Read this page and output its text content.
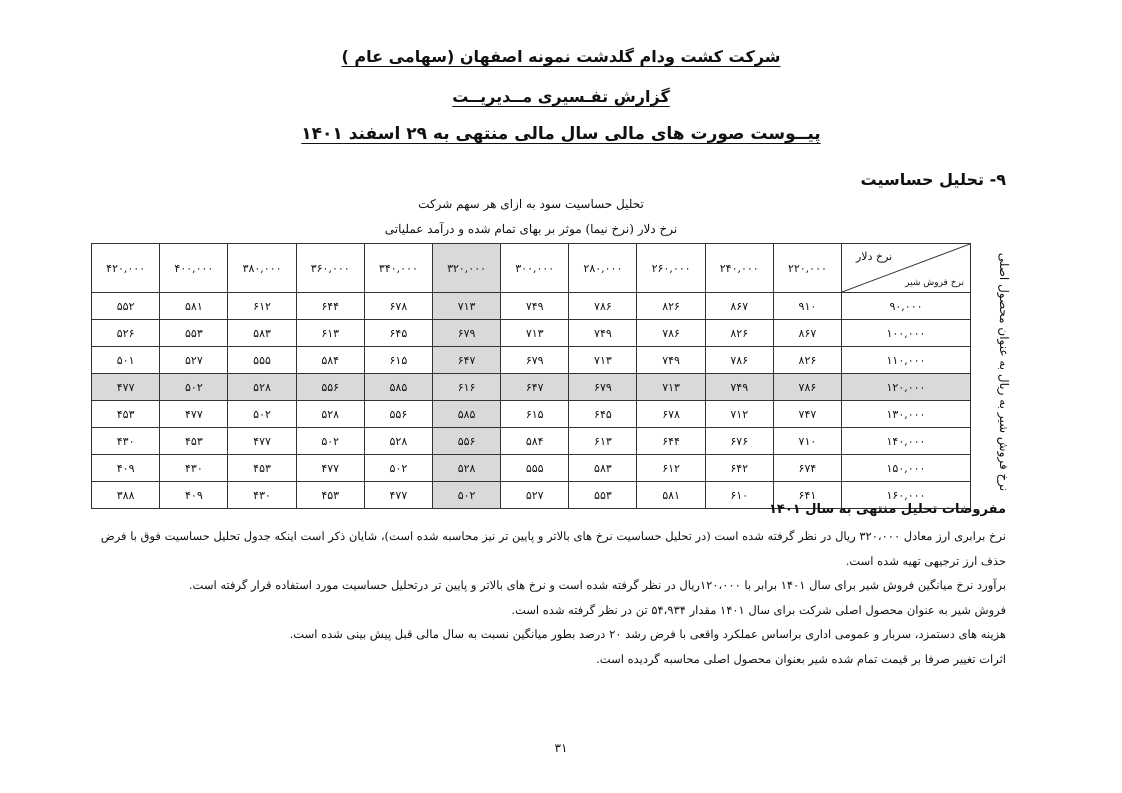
شرکت کشت ودام گلدشت نمونه اصفهان (سهامی عام )
گزارش تفـسیری مــدیریــت
پیــوست صورت های مالی سال مالی منتهی به ۲۹ اسفند ۱۴۰۱
۹- تحلیل حساسیت
تحلیل حساسیت سود به ازای هر سهم شرکت
نرخ دلار (نرخ نیما) موثر بر بهای تمام شده و درآمد عملیاتی
نرخ دلار
نرخ فروش شیر	۲۲۰,۰۰۰	۲۴۰,۰۰۰	۲۶۰,۰۰۰	۲۸۰,۰۰۰	۳۰۰,۰۰۰	۳۲۰,۰۰۰	۳۴۰,۰۰۰	۳۶۰,۰۰۰	۳۸۰,۰۰۰	۴۰۰,۰۰۰	۴۲۰,۰۰۰
۹۰,۰۰۰	۹۱۰	۸۶۷	۸۲۶	۷۸۶	۷۴۹	۷۱۳	۶۷۸	۶۴۴	۶۱۲	۵۸۱	۵۵۲
۱۰۰,۰۰۰	۸۶۷	۸۲۶	۷۸۶	۷۴۹	۷۱۳	۶۷۹	۶۴۵	۶۱۳	۵۸۳	۵۵۳	۵۲۶
۱۱۰,۰۰۰	۸۲۶	۷۸۶	۷۴۹	۷۱۳	۶۷۹	۶۴۷	۶۱۵	۵۸۴	۵۵۵	۵۲۷	۵۰۱
۱۲۰,۰۰۰	۷۸۶	۷۴۹	۷۱۳	۶۷۹	۶۴۷	۶۱۶	۵۸۵	۵۵۶	۵۲۸	۵۰۲	۴۷۷
۱۳۰,۰۰۰	۷۴۷	۷۱۲	۶۷۸	۶۴۵	۶۱۵	۵۸۵	۵۵۶	۵۲۸	۵۰۲	۴۷۷	۴۵۳
۱۴۰,۰۰۰	۷۱۰	۶۷۶	۶۴۴	۶۱۳	۵۸۴	۵۵۶	۵۲۸	۵۰۲	۴۷۷	۴۵۳	۴۳۰
۱۵۰,۰۰۰	۶۷۴	۶۴۲	۶۱۲	۵۸۳	۵۵۵	۵۲۸	۵۰۲	۴۷۷	۴۵۳	۴۳۰	۴۰۹
۱۶۰,۰۰۰	۶۴۱	۶۱۰	۵۸۱	۵۵۳	۵۲۷	۵۰۲	۴۷۷	۴۵۳	۴۳۰	۴۰۹	۳۸۸
نرخ فروش شیر به ریال به عنوان محصول اصلی
مفروضات تحلیل منتهی به سال ۱۴۰۱
نرخ برابری ارز معادل ۳۲۰،۰۰۰ ریال در نظر گرفته شده است (در تحلیل حساسیت نرخ های بالاتر و پایین تر نیز محاسبه شده است)، شایان ذکر است اینکه جدول تحلیل حساسیت فوق با فرض حذف ارز ترجیهی تهیه شده است.
برآورد نرخ میانگین فروش شیر برای سال ۱۴۰۱ برابر با ۱۲۰،۰۰۰ریال در نظر گرفته شده است و نرخ های بالاتر و پایین تر درتحلیل حساسیت مورد استفاده قرار گرفته است.
فروش شیر به عنوان محصول اصلی شرکت برای سال ۱۴۰۱ مقدار ۵۴،۹۳۴ تن در نظر گرفته شده است.
هزینه های دستمزد، سربار و عمومی اداری براساس عملکرد واقعی با فرض رشد ۲۰ درصد بطور میانگین نسبت به سال مالی قبل پیش بینی شده است.
اثرات تغییر صرفا بر قیمت تمام شده شیر بعنوان محصول اصلی محاسبه گردیده است.
۳۱
